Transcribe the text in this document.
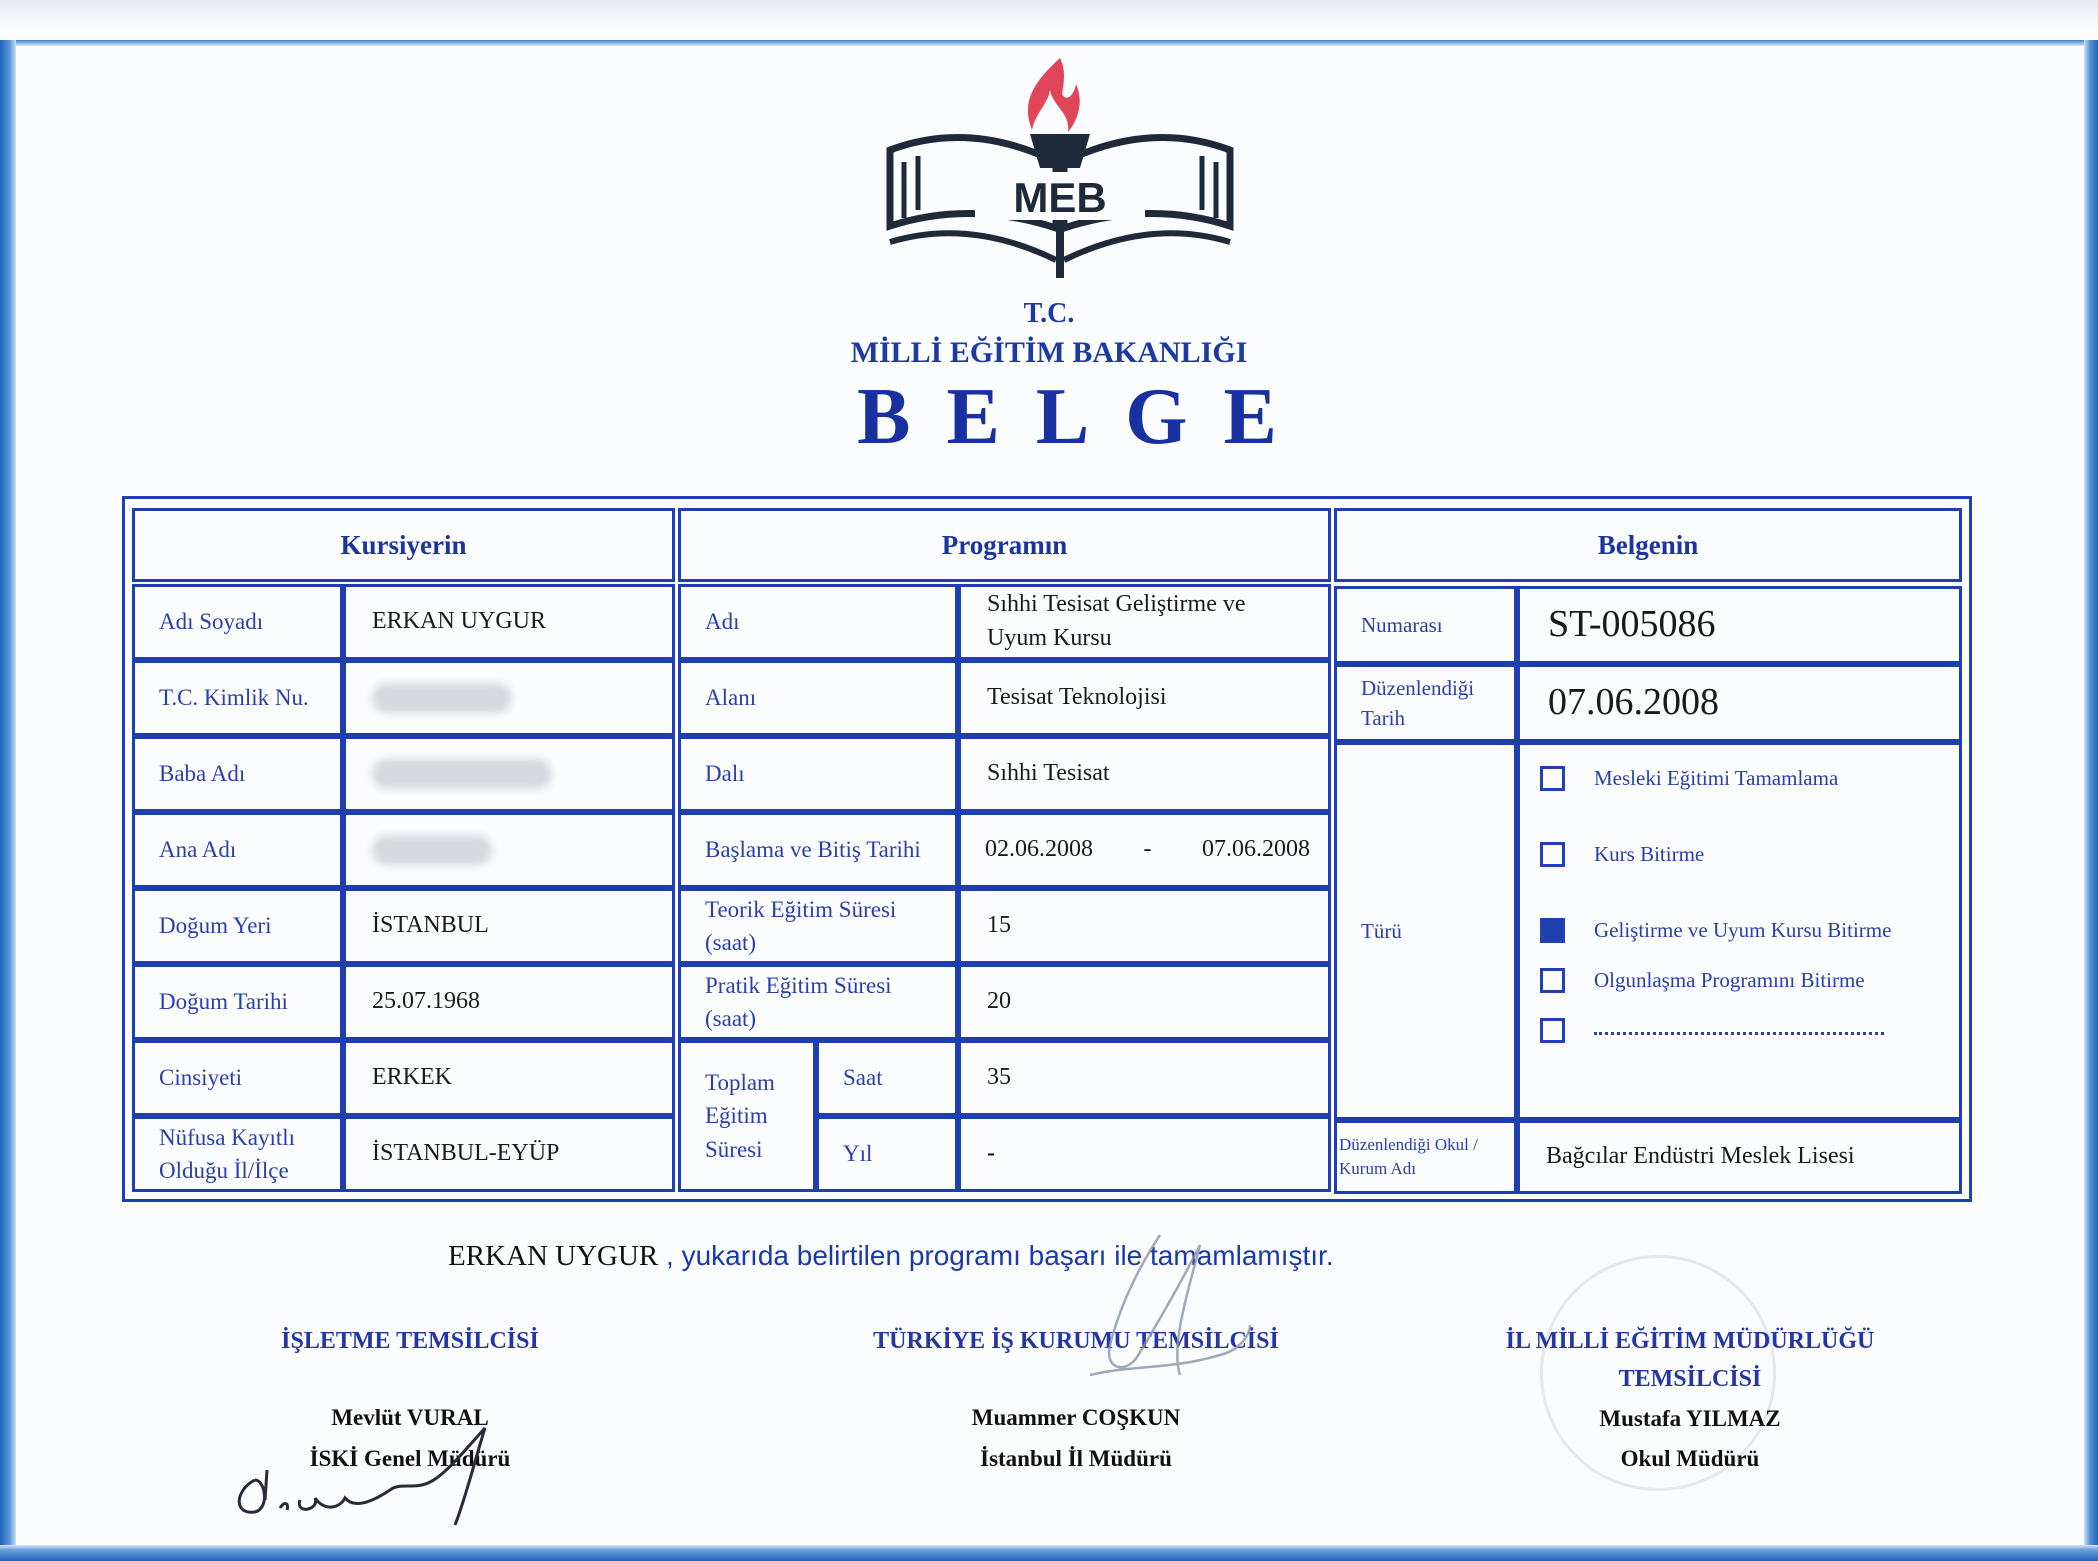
MEB
T.C.
MİLLİ EĞİTİM BAKANLIĞI
BELGE
Kursiyerin	Programın	Belgenin
Adı Soyadı
T.C. Kimlik Nu.
Baba Adı
Ana Adı
Doğum Yeri
Doğum Tarihi
Cinsiyeti
Nüfusa Kayıtlı
Olduğu İl/İlçe
ERKAN UYGUR
İSTANBUL
25.07.1968
ERKEK
İSTANBUL-EYÜP
Adı
Alanı
Dalı
Başlama ve Bitiş Tarihi
Teorik Eğitim Süresi
(saat)
Pratik Eğitim Süresi
(saat)
Toplam
Eğitim
Süresi
Saat
Yıl
Sıhhi Tesisat Geliştirme ve
Uyum Kursu
Tesisat Teknolojisi
Sıhhi Tesisat
02.06.2008 - 07.06.2008
15
20
35
-
Numarası
Düzenlendiği
Tarih
Türü
Düzenlendiği Okul /
Kurum Adı
ST-005086
07.06.2008
Bağcılar Endüstri Meslek Lisesi
Mesleki Eğitimi Tamamlama
Kurs Bitirme
Geliştirme ve Uyum Kursu Bitirme
Olgunlaşma Programını Bitirme
ERKAN UYGUR , yukarıda belirtilen programı başarı ile tamamlamıştır.
İŞLETME TEMSİLCİSİ
Mevlüt VURAL
İSKİ Genel Müdürü
TÜRKİYE İŞ KURUMU TEMSİLCİSİ
Muammer COŞKUN
İstanbul İl Müdürü
İL MİLLİ EĞİTİM MÜDÜRLÜĞÜ
TEMSİLCİSİ
Mustafa YILMAZ
Okul Müdürü
